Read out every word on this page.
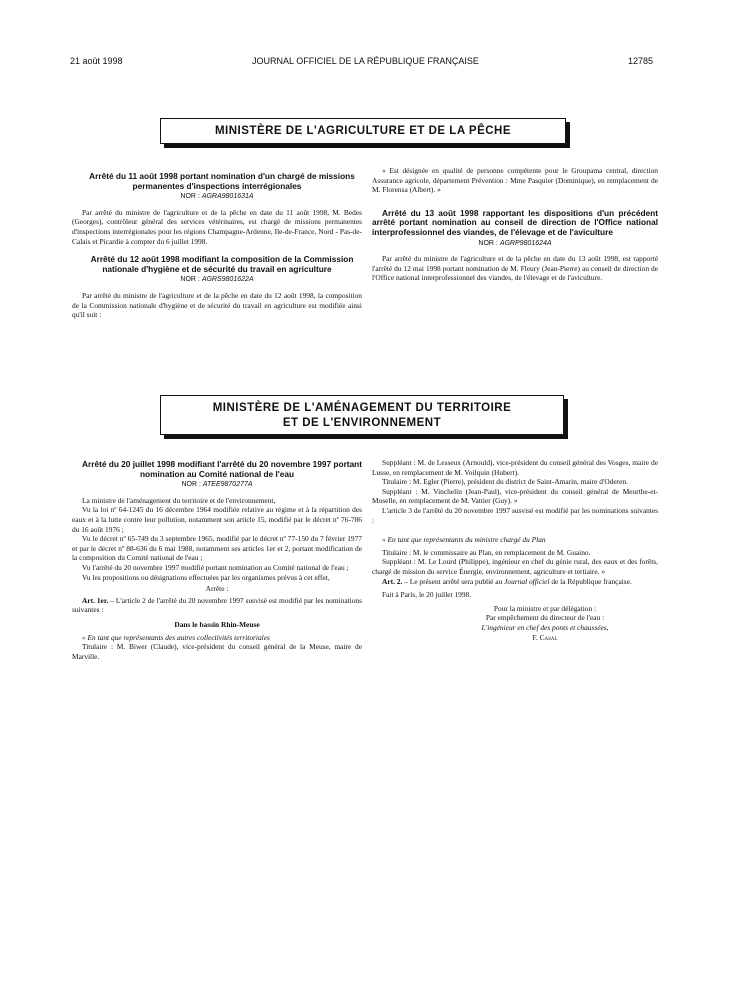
21 août 1998	JOURNAL OFFICIEL DE LA RÉPUBLIQUE FRANÇAISE	12785
MINISTÈRE DE L'AGRICULTURE ET DE LA PÊCHE

Arrêté du 11 août 1998 portant nomination d'un chargé de missions permanentes d'inspections interrégionales

NOR : AGRA9801631A

Par arrêté du ministre de l'agriculture et de la pêche en date du 11 août 1998, M. Bedes (Georges), contrôleur général des services vétérinaires, est chargé de missions permanentes d'inspections interrégionales pour les régions Champagne-Ardenne, Ile-de-France, Nord - Pas-de-Calais et Picardie à compter du 6 juillet 1998.

Arrêté du 12 août 1998 modifiant la composition de la Commission nationale d'hygiène et de sécurité du travail en agriculture

NOR : AGRS9801622A

Par arrêté du ministre de l'agriculture et de la pêche en date du 12 août 1998, la composition de la Commission nationale d'hygiène et de sécurité du travail en agriculture est modifiée ainsi qu'il suit :

« Est désignée en qualité de personne compétente pour le Groupama central, direction Assurance agricole, département Prévention : Mme Pasquier (Dominique), en remplacement de M. Florensa (Albert). »

Arrêté du 13 août 1998 rapportant les dispositions d'un précédent arrêté portant nomination au conseil de direction de l'Office national interprofessionnel des viandes, de l'élevage et de l'aviculture

NOR : AGRP9801624A

Par arrêté du ministre de l'agriculture et de la pêche en date du 13 août 1998, est rapporté l'arrêté du 12 mai 1998 portant nomination de M. Fleury (Jean-Pierre) au conseil de direction de l'Office national interprofessionnel des viandes, de l'élevage et de l'aviculture.

MINISTÈRE DE L'AMÉNAGEMENT DU TERRITOIRE
ET DE L'ENVIRONNEMENT

Arrêté du 20 juillet 1998 modifiant l'arrêté du 20 novembre 1997 portant nomination au Comité national de l'eau

NOR : ATEE9870277A

La ministre de l'aménagement du territoire et de l'environnement,

Vu la loi nº 64-1245 du 16 décembre 1964 modifiée relative au régime et à la répartition des eaux et à la lutte contre leur pollution, notamment son article 15, modifié par le décret nº 76-786 du 16 août 1976 ;

Vu le décret nº 65-749 du 3 septembre 1965, modifié par le décret nº 77-150 du 7 février 1977 et par le décret nº 88-636 du 6 mai 1988, notamment ses articles 1er et 2, portant modification de la composition du Comité national de l'eau ;

Vu l'arrêté du 20 novembre 1997 modifié portant nomination au Comité national de l'eau ;

Vu les propositions ou désignations effectuées par les organismes prévus à cet effet,

Arrête :

Art. 1er. – L'article 2 de l'arrêté du 20 novembre 1997 susvisé est modifié par les nominations suivantes :

Dans le bassin Rhin-Meuse

« En tant que représentants des autres collectivités territoriales

Titulaire : M. Biwer (Claude), vice-président du conseil général de la Meuse, maire de Marville.

Suppléant : M. de Lesseux (Arnould), vice-président du conseil général des Vosges, maire de Lusse, en remplacement de M. Voilquin (Hubert).

Titulaire : M. Egler (Pierre), président du district de Saint-Amarin, maire d'Oderen.

Suppléant : M. Vinchelin (Jean-Paul), vice-président du conseil général de Meurthe-et-Moselle, en remplacement de M. Vattier (Guy). »

L'article 3 de l'arrêté du 20 novembre 1997 susvisé est modifié par les nominations suivantes :

« En tant que représentants du ministre chargé du Plan

Titulaire : M. le commissaire au Plan, en remplacement de M. Guaino.

Suppléant : M. Le Lourd (Philippe), ingénieur en chef du génie rural, des eaux et des forêts, chargé de mission du service Énergie, environnement, agriculture et tertiaire. »

Art. 2. – Le présent arrêté sera publié au Journal officiel de la République française.

Fait à Paris, le 20 juillet 1998.

Pour la ministre et par délégation :

Par empêchement du directeur de l'eau :

L'ingénieur en chef des ponts et chaussées,

F. Casal
